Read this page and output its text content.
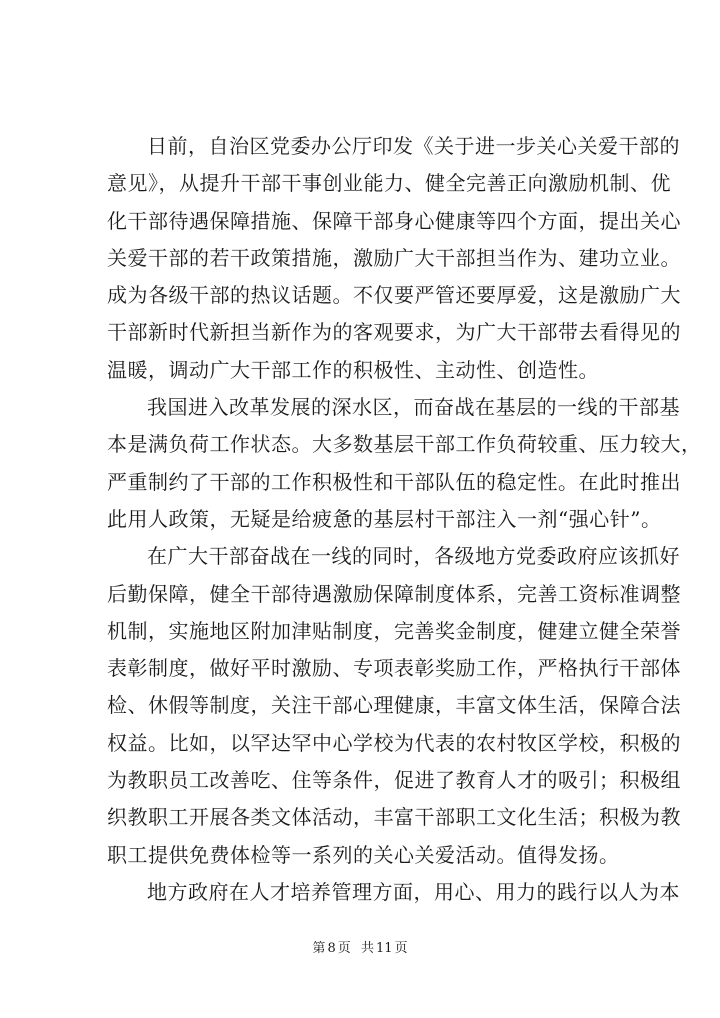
日前，自治区党委办公厅印发《关于进一步关心关爱干部的
意见》，从提升干部干事创业能力、健全完善正向激励机制、优
化干部待遇保障措施、保障干部身心健康等四个方面，提出关心
关爱干部的若干政策措施，激励广大干部担当作为、建功立业。
成为各级干部的热议话题。不仅要严管还要厚爱，这是激励广大
干部新时代新担当新作为的客观要求，为广大干部带去看得见的
温暖，调动广大干部工作的积极性、主动性、创造性。

我国进入改革发展的深水区，而奋战在基层的一线的干部基
本是满负荷工作状态。大多数基层干部工作负荷较重、压力较大，
严重制约了干部的工作积极性和干部队伍的稳定性。在此时推出
此用人政策，无疑是给疲惫的基层村干部注入一剂“强心针”。

在广大干部奋战在一线的同时，各级地方党委政府应该抓好
后勤保障，健全干部待遇激励保障制度体系，完善工资标准调整
机制，实施地区附加津贴制度，完善奖金制度，健建立健全荣誉
表彰制度，做好平时激励、专项表彰奖励工作，严格执行干部体
检、休假等制度，关注干部心理健康，丰富文体生活，保障合法
权益。比如，以罕达罕中心学校为代表的农村牧区学校，积极的
为教职员工改善吃、住等条件，促进了教育人才的吸引；积极组
织教职工开展各类文体活动，丰富干部职工文化生活；积极为教
职工提供免费体检等一系列的关心关爱活动。值得发扬。

地方政府在人才培养管理方面，用心、用力的践行以人为本

第 8 页 共 11 页
